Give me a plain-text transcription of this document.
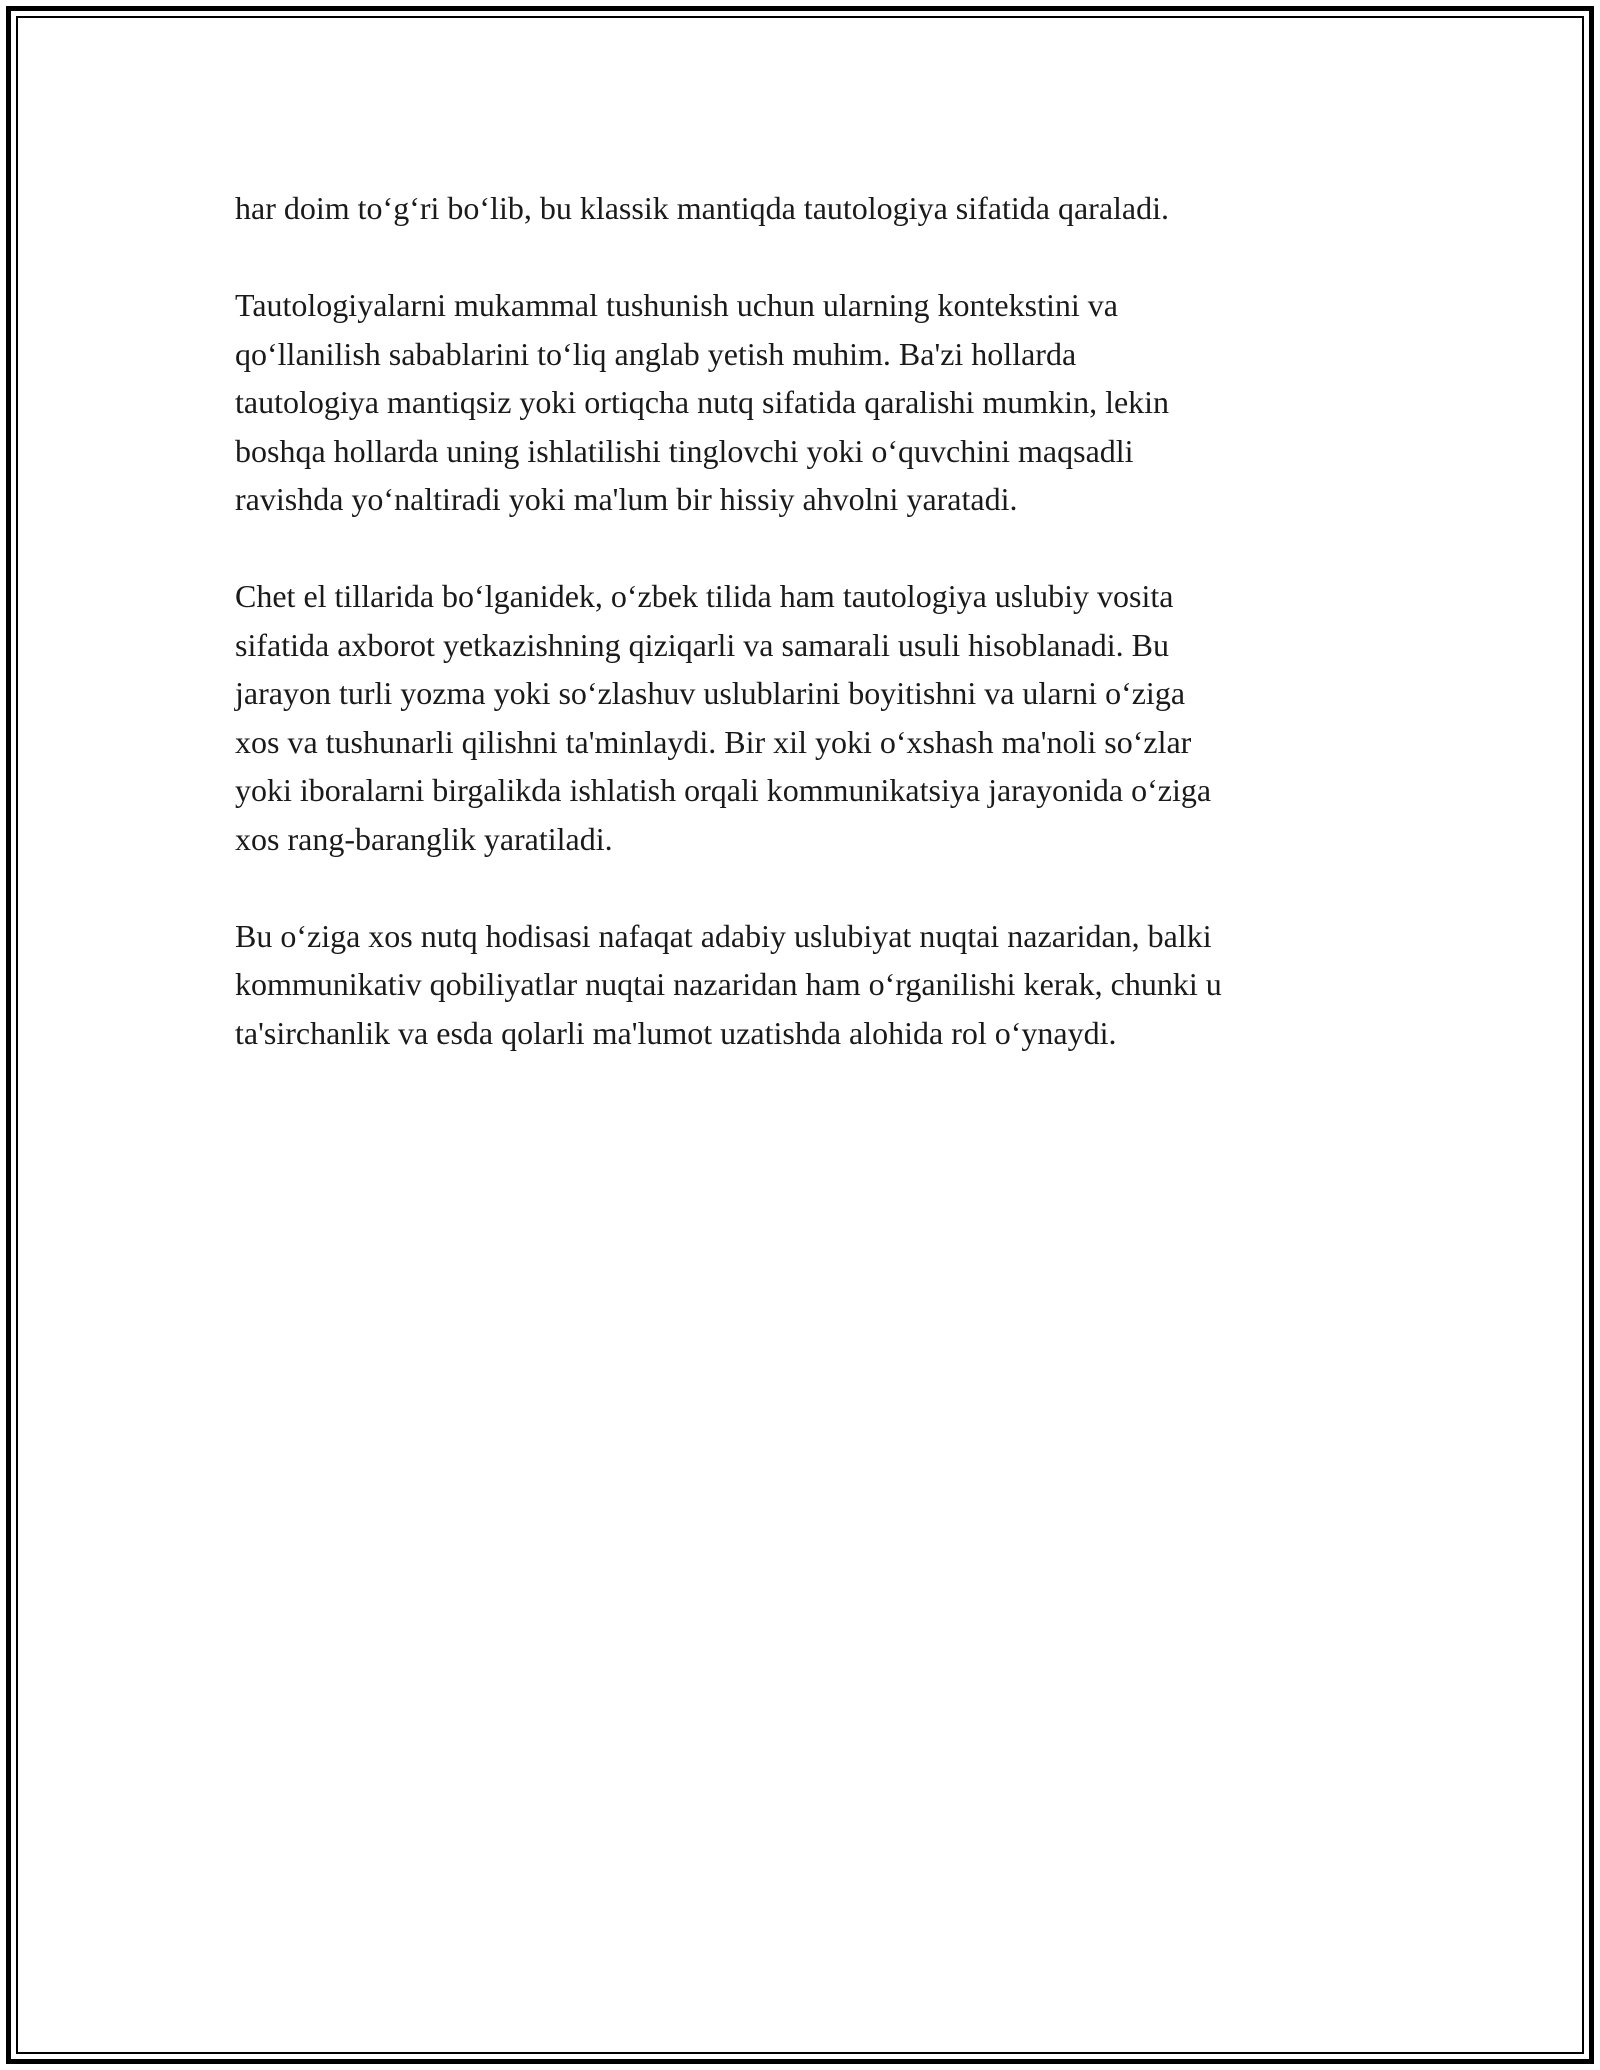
har doim to‘g‘ri bo‘lib, bu klassik mantiqda tautologiya sifatida qaraladi.

Tautologiyalarni mukammal tushunish uchun ularning kontekstini va
qo‘llanilish sabablarini to‘liq anglab yetish muhim. Ba'zi hollarda
tautologiya mantiqsiz yoki ortiqcha nutq sifatida qaralishi mumkin, lekin
boshqa hollarda uning ishlatilishi tinglovchi yoki o‘quvchini maqsadli
ravishda yo‘naltiradi yoki ma'lum bir hissiy ahvolni yaratadi.

Chet el tillarida bo‘lganidek, o‘zbek tilida ham tautologiya uslubiy vosita
sifatida axborot yetkazishning qiziqarli va samarali usuli hisoblanadi. Bu
jarayon turli yozma yoki so‘zlashuv uslublarini boyitishni va ularni o‘ziga
xos va tushunarli qilishni ta'minlaydi. Bir xil yoki o‘xshash ma'noli so‘zlar
yoki iboralarni birgalikda ishlatish orqali kommunikatsiya jarayonida o‘ziga
xos rang-baranglik yaratiladi.

Bu o‘ziga xos nutq hodisasi nafaqat adabiy uslubiyat nuqtai nazaridan, balki
kommunikativ qobiliyatlar nuqtai nazaridan ham o‘rganilishi kerak, chunki u
ta'sirchanlik va esda qolarli ma'lumot uzatishda alohida rol o‘ynaydi.
